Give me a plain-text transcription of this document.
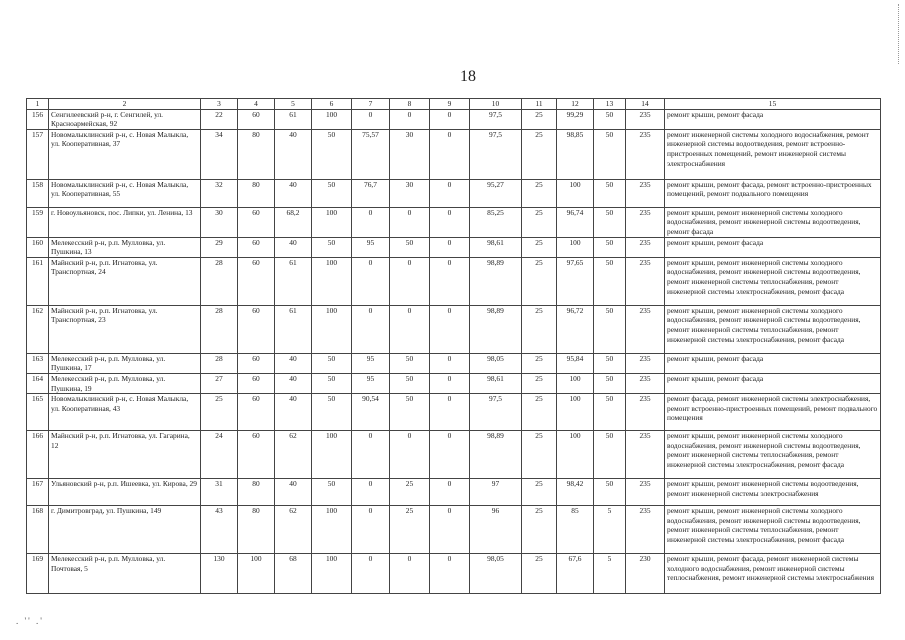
18
1	2	3	4	5	6	7	8	9	10	11	12	13	14	15
156	Сенгилеевский р-н, г. Сенгилей, ул. Красноармейская, 92	22	60	61	100	0	0	0	97,5	25	99,29	50	235	ремонт крыши, ремонт фасада
157	Новомалыклинский р-н, с. Новая Малыкла, ул. Кооперативная, 37	34	80	40	50	75,57	30	0	97,5	25	98,85	50	235	ремонт инженерной системы холодного водоснабжения, ремонт инженерной системы водоотведения, ремонт встроенно-пристроенных помещений, ремонт инженерной системы электроснабжения
158	Новомалыклинский р-н, с. Новая Малыкла, ул. Кооперативная, 55	32	80	40	50	76,7	30	0	95,27	25	100	50	235	ремонт крыши, ремонт фасада, ремонт встроенно-пристроенных помещений, ремонт подвального помещения
159	г. Новоульяновск, пос. Липки, ул. Ленина, 13	30	60	68,2	100	0	0	0	85,25	25	96,74	50	235	ремонт крыши, ремонт инженерной системы холодного водоснабжения, ремонт инженерной системы водоотведения, ремонт фасада
160	Мелекесский р-н, р.п. Мулловка, ул. Пушкина, 13	29	60	40	50	95	50	0	98,61	25	100	50	235	ремонт крыши, ремонт фасада
161	Майнский р-н, р.п. Игнатовка, ул. Транспортная, 24	28	60	61	100	0	0	0	98,89	25	97,65	50	235	ремонт крыши, ремонт инженерной системы холодного водоснабжения, ремонт инженерной системы водоотведения, ремонт инженерной системы теплоснабжения, ремонт инженерной системы электроснабжения, ремонт фасада
162	Майнский р-н, р.п. Игнатовка, ул. Транспортная, 23	28	60	61	100	0	0	0	98,89	25	96,72	50	235	ремонт крыши, ремонт инженерной системы холодного водоснабжения, ремонт инженерной системы водоотведения, ремонт инженерной системы теплоснабжения, ремонт инженерной системы электроснабжения, ремонт фасада
163	Мелекесский р-н, р.п. Мулловка, ул. Пушкина, 17	28	60	40	50	95	50	0	98,05	25	95,84	50	235	ремонт крыши, ремонт фасада
164	Мелекесский р-н, р.п. Мулловка, ул. Пушкина, 19	27	60	40	50	95	50	0	98,61	25	100	50	235	ремонт крыши, ремонт фасада
165	Новомалыклинский р-н, с. Новая Малыкла, ул. Кооперативная, 43	25	60	40	50	90,54	50	0	97,5	25	100	50	235	ремонт фасада, ремонт инженерной системы электроснабжения, ремонт встроенно-пристроенных помещений, ремонт подвального помещения
166	Майнский р-н, р.п. Игнатовка, ул. Гагарина, 12	24	60	62	100	0	0	0	98,89	25	100	50	235	ремонт крыши, ремонт инженерной системы холодного водоснабжения, ремонт инженерной системы водоотведения, ремонт инженерной системы теплоснабжения, ремонт инженерной системы электроснабжения, ремонт фасада
167	Ульяновский р-н, р.п. Ишеевка, ул. Кирова, 29	31	80	40	50	0	25	0	97	25	98,42	50	235	ремонт крыши, ремонт инженерной системы водоотведения, ремонт инженерной системы электроснабжения
168	г. Димитровград, ул. Пушкина, 149	43	80	62	100	0	25	0	96	25	85	5	235	ремонт крыши, ремонт инженерной системы холодного водоснабжения, ремонт инженерной системы водоотведения, ремонт инженерной системы теплоснабжения, ремонт инженерной системы электроснабжения, ремонт фасада
169	Мелекесский р-н, р.п. Мулловка, ул. Почтовая, 5	130	100	68	100	0	0	0	98,05	25	67,6	5	230	ремонт крыши, ремонт фасада, ремонт инженерной системы холодного водоснабжения, ремонт инженерной системы теплоснабжения, ремонт инженерной системы электроснабжения
. '' .'
